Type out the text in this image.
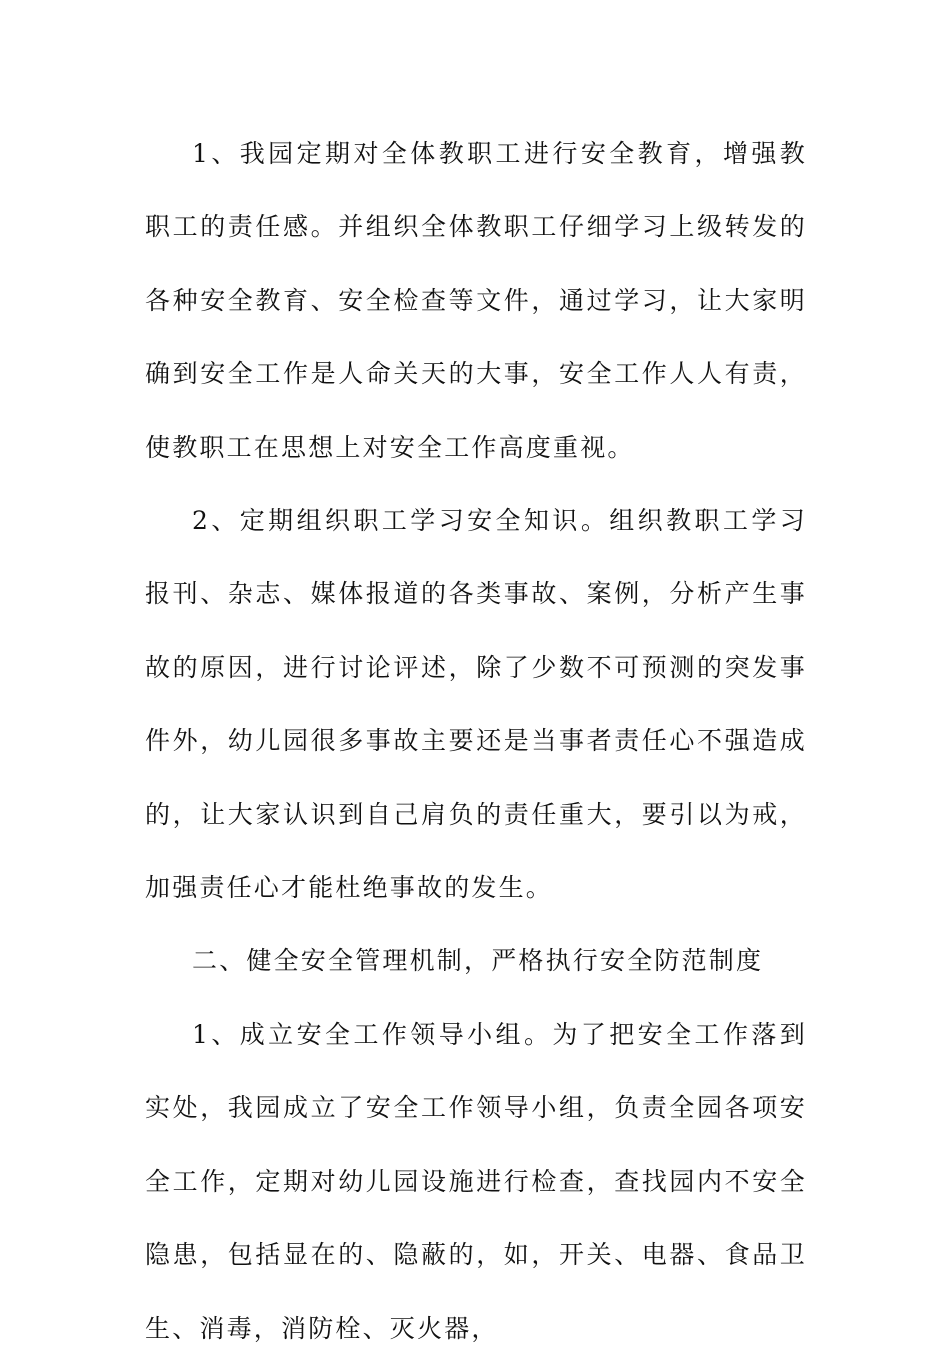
1、我园定期对全体教职工进行安全教育，增强教职工的责任感。并组织全体教职工仔细学习上级转发的各种安全教育、安全检查等文件，通过学习，让大家明确到安全工作是人命关天的大事，安全工作人人有责，使教职工在思想上对安全工作高度重视。

2、定期组织职工学习安全知识。组织教职工学习报刊、杂志、媒体报道的各类事故、案例，分析产生事故的原因，进行讨论评述，除了少数不可预测的突发事件外，幼儿园很多事故主要还是当事者责任心不强造成的，让大家认识到自己肩负的责任重大，要引以为戒，加强责任心才能杜绝事故的发生。

二、健全安全管理机制，严格执行安全防范制度

1、成立安全工作领导小组。为了把安全工作落到实处，我园成立了安全工作领导小组，负责全园各项安全工作，定期对幼儿园设施进行检查，查找园内不安全隐患，包括显在的、隐蔽的，如，开关、电器、食品卫生、消毒，消防栓、灭火器，
